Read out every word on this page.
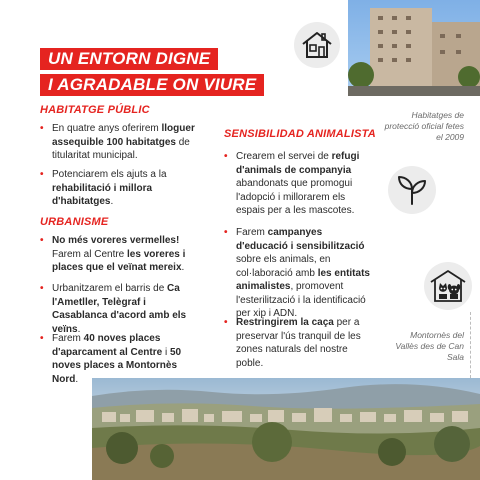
UN ENTORN DIGNE
I AGRADABLE ON VIURE
Habitatges de protecció oficial fetes el 2009
HABITATGE PÚBLIC
• En quatre anys oferirem lloguer assequible 100 habitatges de titularitat municipal.
• Potenciarem els ajuts a la rehabilitació i millora d'habitatges.
URBANISME
• No més voreres vermelles! Farem al Centre les voreres i places que el veïnat mereix.
• Urbanitzarem el barris de Ca l'Ametller, Telègraf i Casablanca d'acord amb els veïns.
• Farem 40 noves places d'aparcament al Centre i 50 noves places a Montornès Nord.
SENSIBILIDAD ANIMALISTA
• Crearem el servei de refugi d'animals de companyia abandonats que promogui l'adopció i millorarem els espais per a les mascotes.
• Farem campanyes d'educació i sensibilització sobre els animals, en col·laboració amb les entitats animalistes, promovent l'esterilització i la identificació per xip i ADN.
• Restringirem la caça per a preservar l'ús tranquil de les zones naturals del nostre poble.
Montornès del Vallès des de Can Sala
